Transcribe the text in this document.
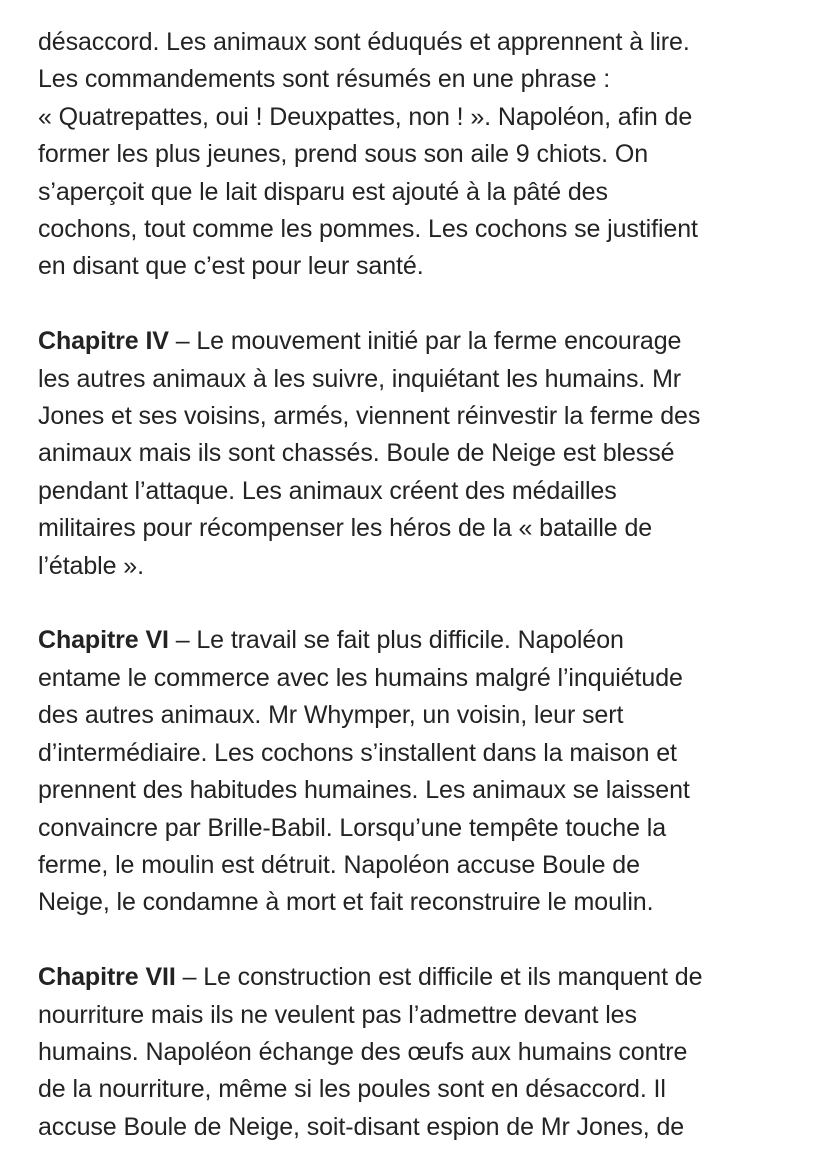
désaccord. Les animaux sont éduqués et apprennent à lire.
Les commandements sont résumés en une phrase :
« Quatrepattes, oui ! Deuxpattes, non ! ». Napoléon, afin de
former les plus jeunes, prend sous son aile 9 chiots. On
s’aperçoit que le lait disparu est ajouté à la pâté des
cochons, tout comme les pommes. Les cochons se justifient
en disant que c’est pour leur santé.

Chapitre IV – Le mouvement initié par la ferme encourage
les autres animaux à les suivre, inquiétant les humains. Mr
Jones et ses voisins, armés, viennent réinvestir la ferme des
animaux mais ils sont chassés. Boule de Neige est blessé
pendant l’attaque. Les animaux créent des médailles
militaires pour récompenser les héros de la « bataille de
l’étable ».

Chapitre VI – Le travail se fait plus difficile. Napoléon
entame le commerce avec les humains malgré l’inquiétude
des autres animaux. Mr Whymper, un voisin, leur sert
d’intermédiaire. Les cochons s’installent dans la maison et
prennent des habitudes humaines. Les animaux se laissent
convaincre par Brille-Babil. Lorsqu’une tempête touche la
ferme, le moulin est détruit. Napoléon accuse Boule de
Neige, le condamne à mort et fait reconstruire le moulin.

Chapitre VII – Le construction est difficile et ils manquent de
nourriture mais ils ne veulent pas l’admettre devant les
humains. Napoléon échange des œufs aux humains contre
de la nourriture, même si les poules sont en désaccord. Il
accuse Boule de Neige, soit-disant espion de Mr Jones, de
